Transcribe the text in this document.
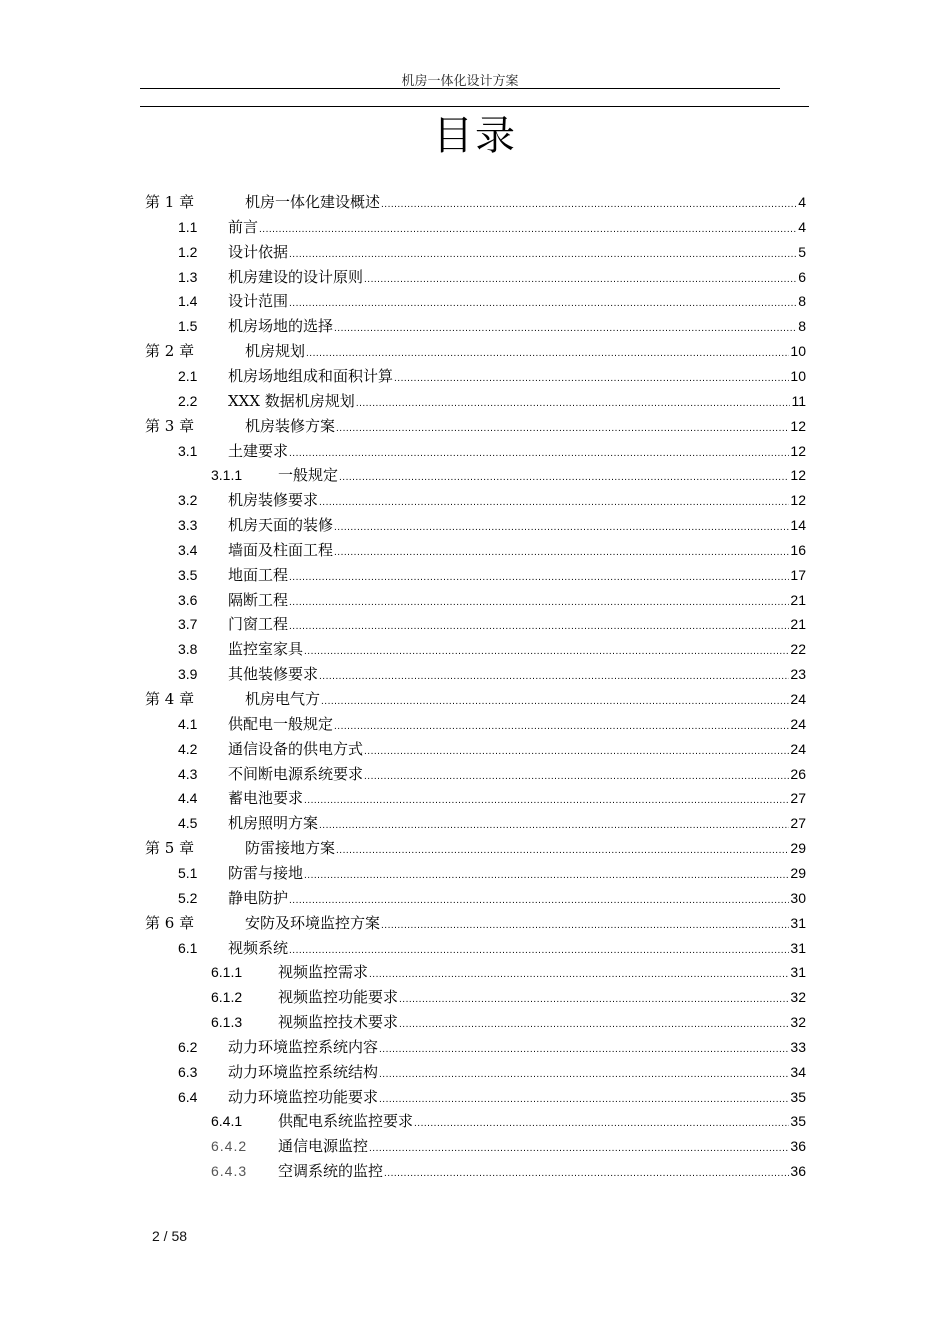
机房一体化设计方案
目录
第 1 章	机房一体化建设概述 .....	4
1.1 前言 .....	4
1.2 设计依据 .....	5
1.3 机房建设的设计原则 .....	6
1.4 设计范围 .....	8
1.5 机房场地的选择 .....	8
第 2 章	机房规划 .....	10
2.1 机房场地组成和面积计算 .....	10
2.2 XXX 数据机房规划 .....	11
第 3 章	机房装修方案 .....	12
3.1 土建要求 .....	12
3.1.1 一般规定 .....	12
3.2 机房装修要求 .....	12
3.3 机房天面的装修 .....	14
3.4 墙面及柱面工程 .....	16
3.5 地面工程 .....	17
3.6 隔断工程 .....	21
3.7 门窗工程 .....	21
3.8 监控室家具 .....	22
3.9 其他装修要求 .....	23
第 4 章	机房电气方 .....	24
4.1 供配电一般规定 .....	24
4.2 通信设备的供电方式 .....	24
4.3 不间断电源系统要求 .....	26
4.4 蓄电池要求 .....	27
4.5 机房照明方案 .....	27
第 5 章	防雷接地方案 .....	29
5.1 防雷与接地 .....	29
5.2 静电防护 .....	30
第 6 章	安防及环境监控方案 .....	31
6.1 视频系统 .....	31
6.1.1 视频监控需求 .....	31
6.1.2 视频监控功能要求 .....	32
6.1.3 视频监控技术要求 .....	32
6.2 动力环境监控系统内容 .....	33
6.3 动力环境监控系统结构 .....	34
6.4 动力环境监控功能要求 .....	35
6.4.1 供配电系统监控要求 .....	35
6.4.2 通信电源监控 .....	36
6.4.3 空调系统的监控 .....	36
2 / 58
